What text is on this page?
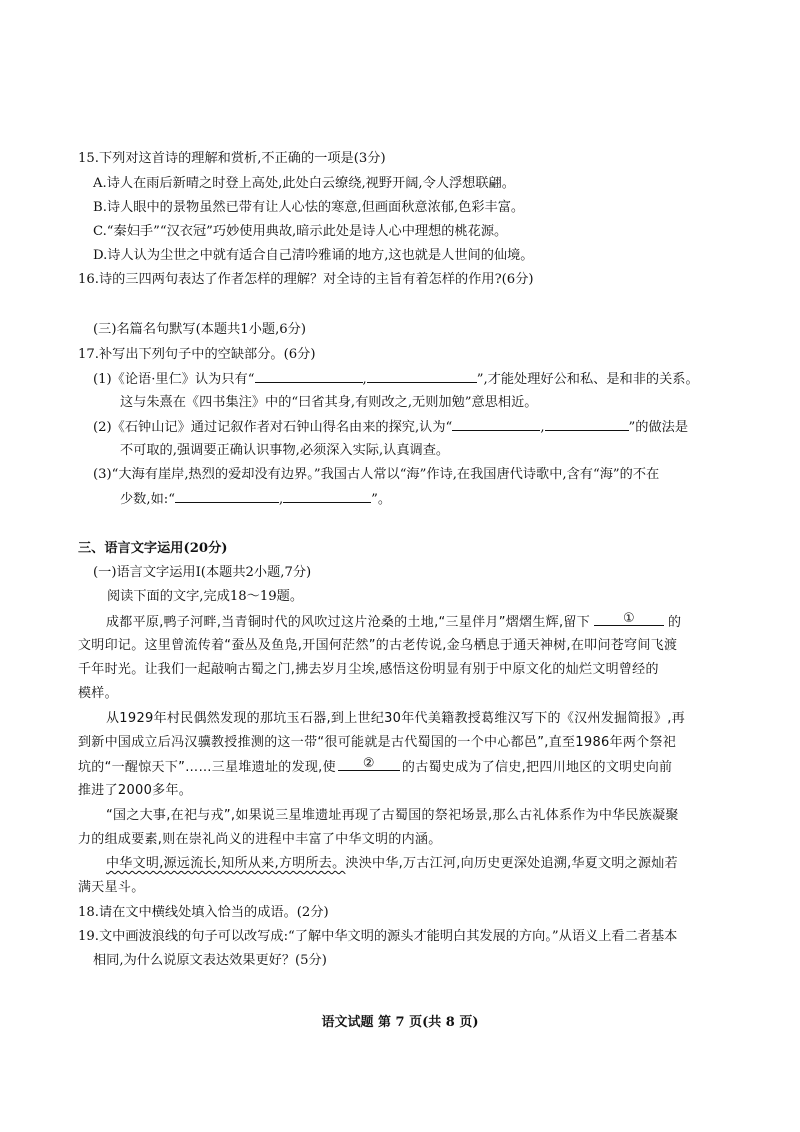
15.下列对这首诗的理解和赏析,不正确的一项是(3分)
A.诗人在雨后新晴之时登上高处,此处白云缭绕,视野开阔,令人浮想联翩。
B.诗人眼中的景物虽然已带有让人心怯的寒意,但画面秋意浓郁,色彩丰富。
C.“秦妇手”“汉衣冠”巧妙使用典故,暗示此处是诗人心中理想的桃花源。
D.诗人认为尘世之中就有适合自己清吟雅诵的地方,这也就是人世间的仙境。
16.诗的三四两句表达了作者怎样的理解？对全诗的主旨有着怎样的作用?(6分)
(三)名篇名句默写(本题共1小题,6分)
17.补写出下列句子中的空缺部分。(6分)
(1)《论语·里仁》认为只有“	,	”,才能处理好公和私、是和非的关系。
这与朱熹在《四书集注》中的“曰省其身,有则改之,无则加勉”意思相近。
(2)《石钟山记》通过记叙作者对石钟山得名由来的探究,认为“	,	”的做法是
不可取的,强调要正确认识事物,必须深入实际,认真调查。
(3)“大海有崖岸,热烈的爱却没有边界。”我国古人常以“海”作诗,在我国唐代诗歌中,含有“海”的不在
少数,如:“	,	”。
三、语言文字运用(20分)
(一)语言文字运用Ⅰ(本题共2小题,7分)
阅读下面的文字,完成18～19题。
成都平原,鸭子河畔,当青铜时代的风吹过这片沧桑的土地,“三星伴月”熠熠生辉,留下	①	的
文明印记。这里曾流传着“蚕丛及鱼凫,开国何茫然”的古老传说,金乌栖息于通天神树,在叩问苍穹间飞渡
千年时光。让我们一起敲响古蜀之门,拂去岁月尘埃,感悟这份明显有别于中原文化的灿烂文明曾经的
模样。
从1929年村民偶然发现的那坑玉石器,到上世纪30年代美籍教授葛维汉写下的《汉州发掘简报》,再
到新中国成立后冯汉骥教授推测的这一带“很可能就是古代蜀国的一个中心都邑”,直至1986年两个祭祀
坑的“一醒惊天下”……三星堆遗址的发现,使	②	的古蜀史成为了信史,把四川地区的文明史向前
推进了2000多年。
“国之大事,在祀与戎”,如果说三星堆遗址再现了古蜀国的祭祀场景,那么古礼体系作为中华民族凝聚
力的组成要素,则在崇礼尚义的进程中丰富了中华文明的内涵。
中华文明,源远流长,知所从来,方明所去。泱泱中华,万古江河,向历史更深处追溯,华夏文明之源灿若
满天星斗。
18.请在文中横线处填入恰当的成语。(2分)
19.文中画波浪线的句子可以改写成:“了解中华文明的源头才能明白其发展的方向。”从语义上看二者基本
相同,为什么说原文表达效果更好？(5分)
语文试题 第 7 页(共 8 页)
